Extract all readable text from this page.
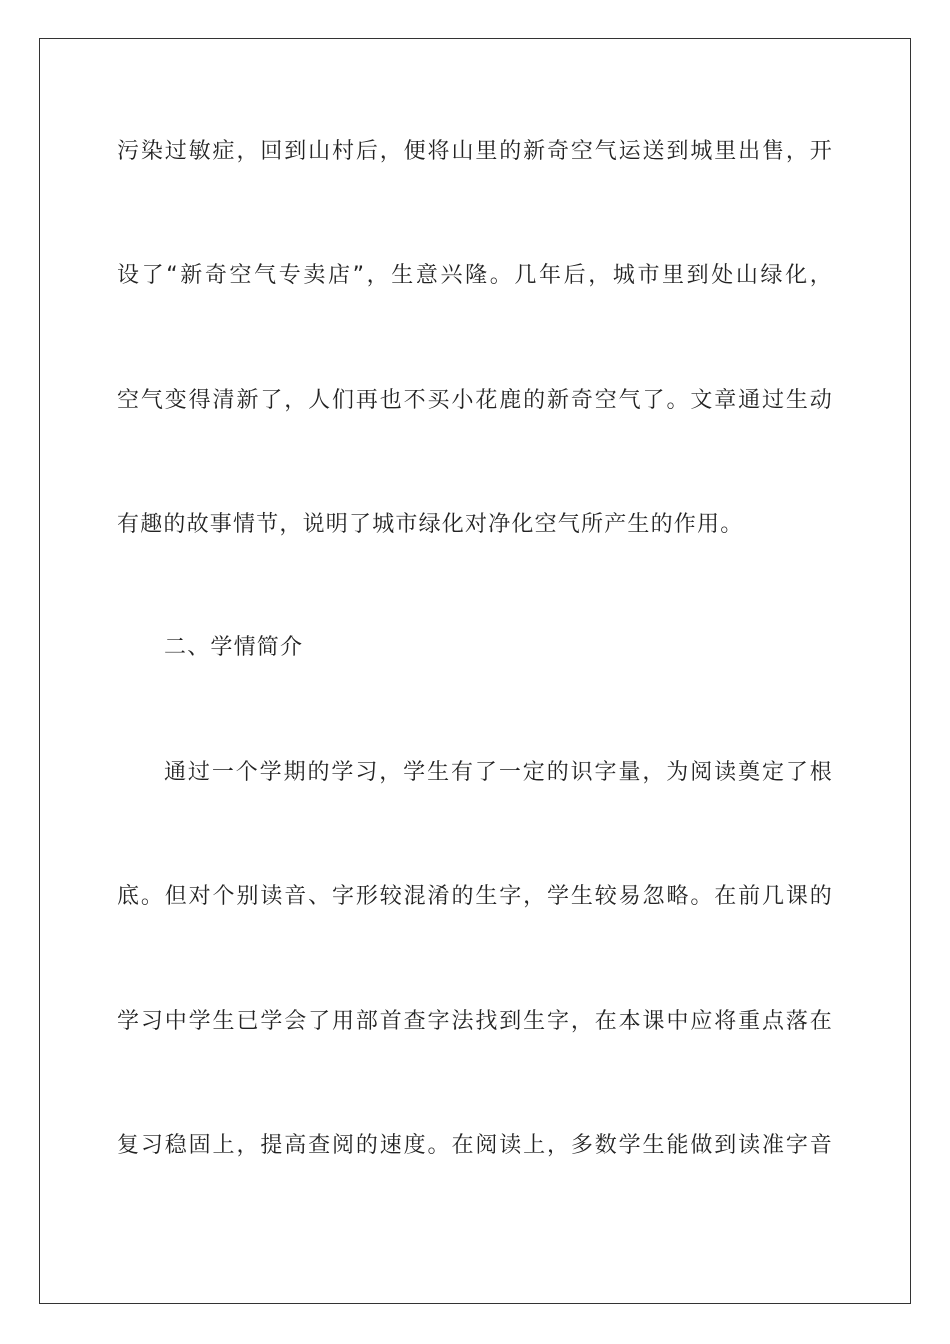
污染过敏症，回到山村后，便将山里的新奇空气运送到城里出售，开
设了“新奇空气专卖店”，生意兴隆。几年后，城市里到处山绿化，
空气变得清新了，人们再也不买小花鹿的新奇空气了。文章通过生动
有趣的故事情节，说明了城市绿化对净化空气所产生的作用。
二、学情简介
通过一个学期的学习，学生有了一定的识字量，为阅读奠定了根
底。但对个别读音、字形较混淆的生字，学生较易忽略。在前几课的
学习中学生已学会了用部首查字法找到生字，在本课中应将重点落在
复习稳固上，提高查阅的速度。在阅读上，多数学生能做到读准字音
